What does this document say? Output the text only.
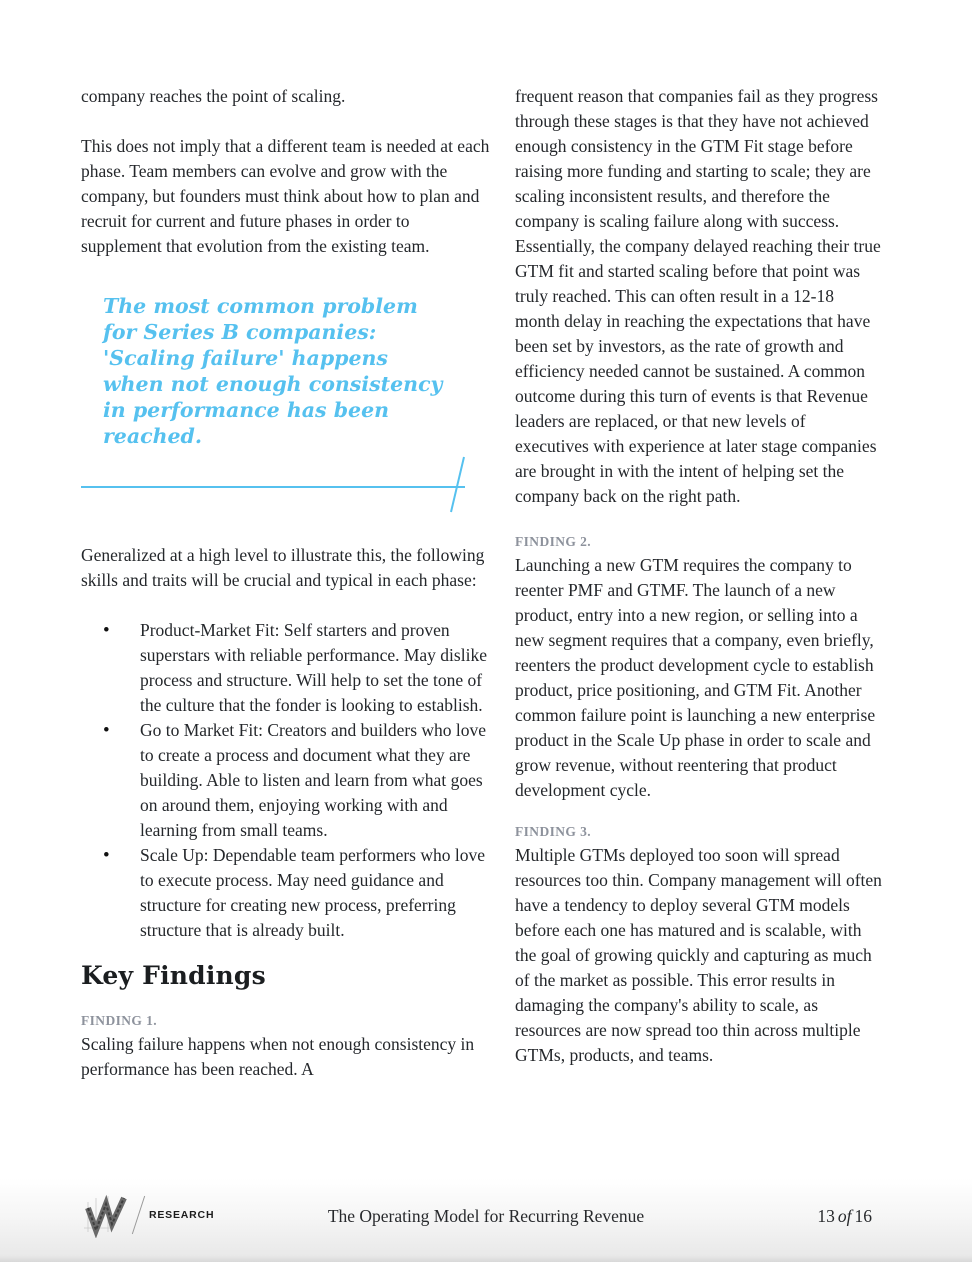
company reaches the point of scaling.

This does not imply that a different team is needed at each phase. Team members can evolve and grow with the company, but founders must think about how to plan and recruit for current and future phases in order to supplement that evolution from the existing team.

The most common problem for Series B companies: 'Scaling failure' happens when not enough consistency in performance has been reached.

Generalized at a high level to illustrate this, the following skills and traits will be crucial and typical in each phase:

• Product-Market Fit: Self starters and proven superstars with reliable performance. May dislike process and structure. Will help to set the tone of the culture that the fonder is looking to establish.
• Go to Market Fit: Creators and builders who love to create a process and document what they are building. Able to listen and learn from what goes on around them, enjoying working with and learning from small teams.
• Scale Up: Dependable team performers who love to execute process. May need guidance and structure for creating new process, preferring structure that is already built.
Key Findings
FINDING 1.

Scaling failure happens when not enough consistency in performance has been reached. A

frequent reason that companies fail as they progress through these stages is that they have not achieved enough consistency in the GTM Fit stage before raising more funding and starting to scale; they are scaling inconsistent results, and therefore the company is scaling failure along with success. Essentially, the company delayed reaching their true GTM fit and started scaling before that point was truly reached. This can often result in a 12-18 month delay in reaching the expectations that have been set by investors, as the rate of growth and efficiency needed cannot be sustained. A common outcome during this turn of events is that Revenue leaders are replaced, or that new levels of executives with experience at later stage companies are brought in with the intent of helping set the company back on the right path.

FINDING 2.

Launching a new GTM requires the company to reenter PMF and GTMF. The launch of a new product, entry into a new region, or selling into a new segment requires that a company, even briefly, reenters the product development cycle to establish product, price positioning, and GTM Fit. Another common failure point is launching a new enterprise product in the Scale Up phase in order to scale and grow revenue, without reentering that product development cycle.

FINDING 3.

Multiple GTMs deployed too soon will spread resources too thin. Company management will often have a tendency to deploy several GTM models before each one has matured and is scalable, with the goal of growing quickly and capturing as much of the market as possible. This error results in damaging the company's ability to scale, as resources are now spread too thin across multiple GTMs, products, and teams.

RESEARCH	The Operating Model for Recurring Revenue	13 of 16
